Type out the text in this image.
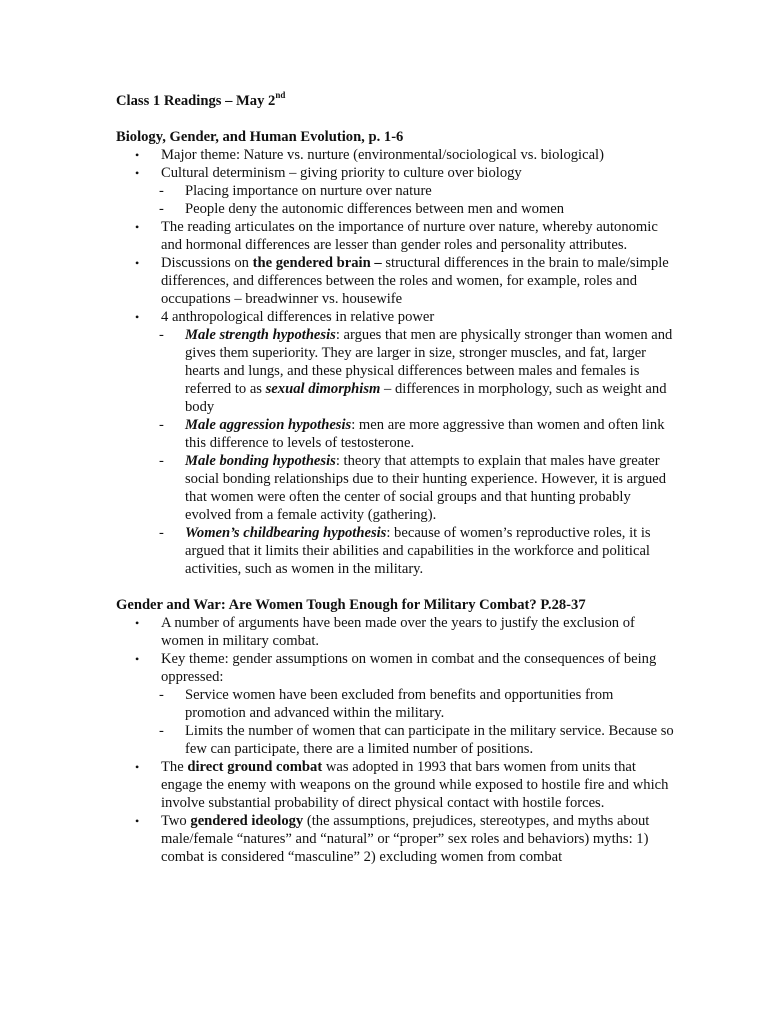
Class 1 Readings – May 2nd

Biology, Gender, and Human Evolution, p. 1-6

• Major theme: Nature vs. nurture (environmental/sociological vs. biological)
• Cultural determinism – giving priority to culture over biology
- Placing importance on nurture over nature
- People deny the autonomic differences between men and women
• The reading articulates on the importance of nurture over nature, whereby autonomic and hormonal differences are lesser than gender roles and personality attributes.
• Discussions on the gendered brain – structural differences in the brain to male/simple differences, and differences between the roles and women, for example, roles and occupations – breadwinner vs. housewife
• 4 anthropological differences in relative power
- Male strength hypothesis: argues that men are physically stronger than women and gives them superiority. They are larger in size, stronger muscles, and fat, larger hearts and lungs, and these physical differences between males and females is referred to as sexual dimorphism – differences in morphology, such as weight and body
- Male aggression hypothesis: men are more aggressive than women and often link this difference to levels of testosterone.
- Male bonding hypothesis: theory that attempts to explain that males have greater social bonding relationships due to their hunting experience. However, it is argued that women were often the center of social groups and that hunting probably evolved from a female activity (gathering).
- Women’s childbearing hypothesis: because of women’s reproductive roles, it is argued that it limits their abilities and capabilities in the workforce and political activities, such as women in the military.

Gender and War: Are Women Tough Enough for Military Combat? P.28-37

• A number of arguments have been made over the years to justify the exclusion of women in military combat.
• Key theme: gender assumptions on women in combat and the consequences of being oppressed:
- Service women have been excluded from benefits and opportunities from promotion and advanced within the military.
- Limits the number of women that can participate in the military service. Because so few can participate, there are a limited number of positions.
• The direct ground combat was adopted in 1993 that bars women from units that engage the enemy with weapons on the ground while exposed to hostile fire and which involve substantial probability of direct physical contact with hostile forces.
• Two gendered ideology (the assumptions, prejudices, stereotypes, and myths about male/female “natures” and “natural” or “proper” sex roles and behaviors) myths: 1) combat is considered “masculine” 2) excluding women from combat
